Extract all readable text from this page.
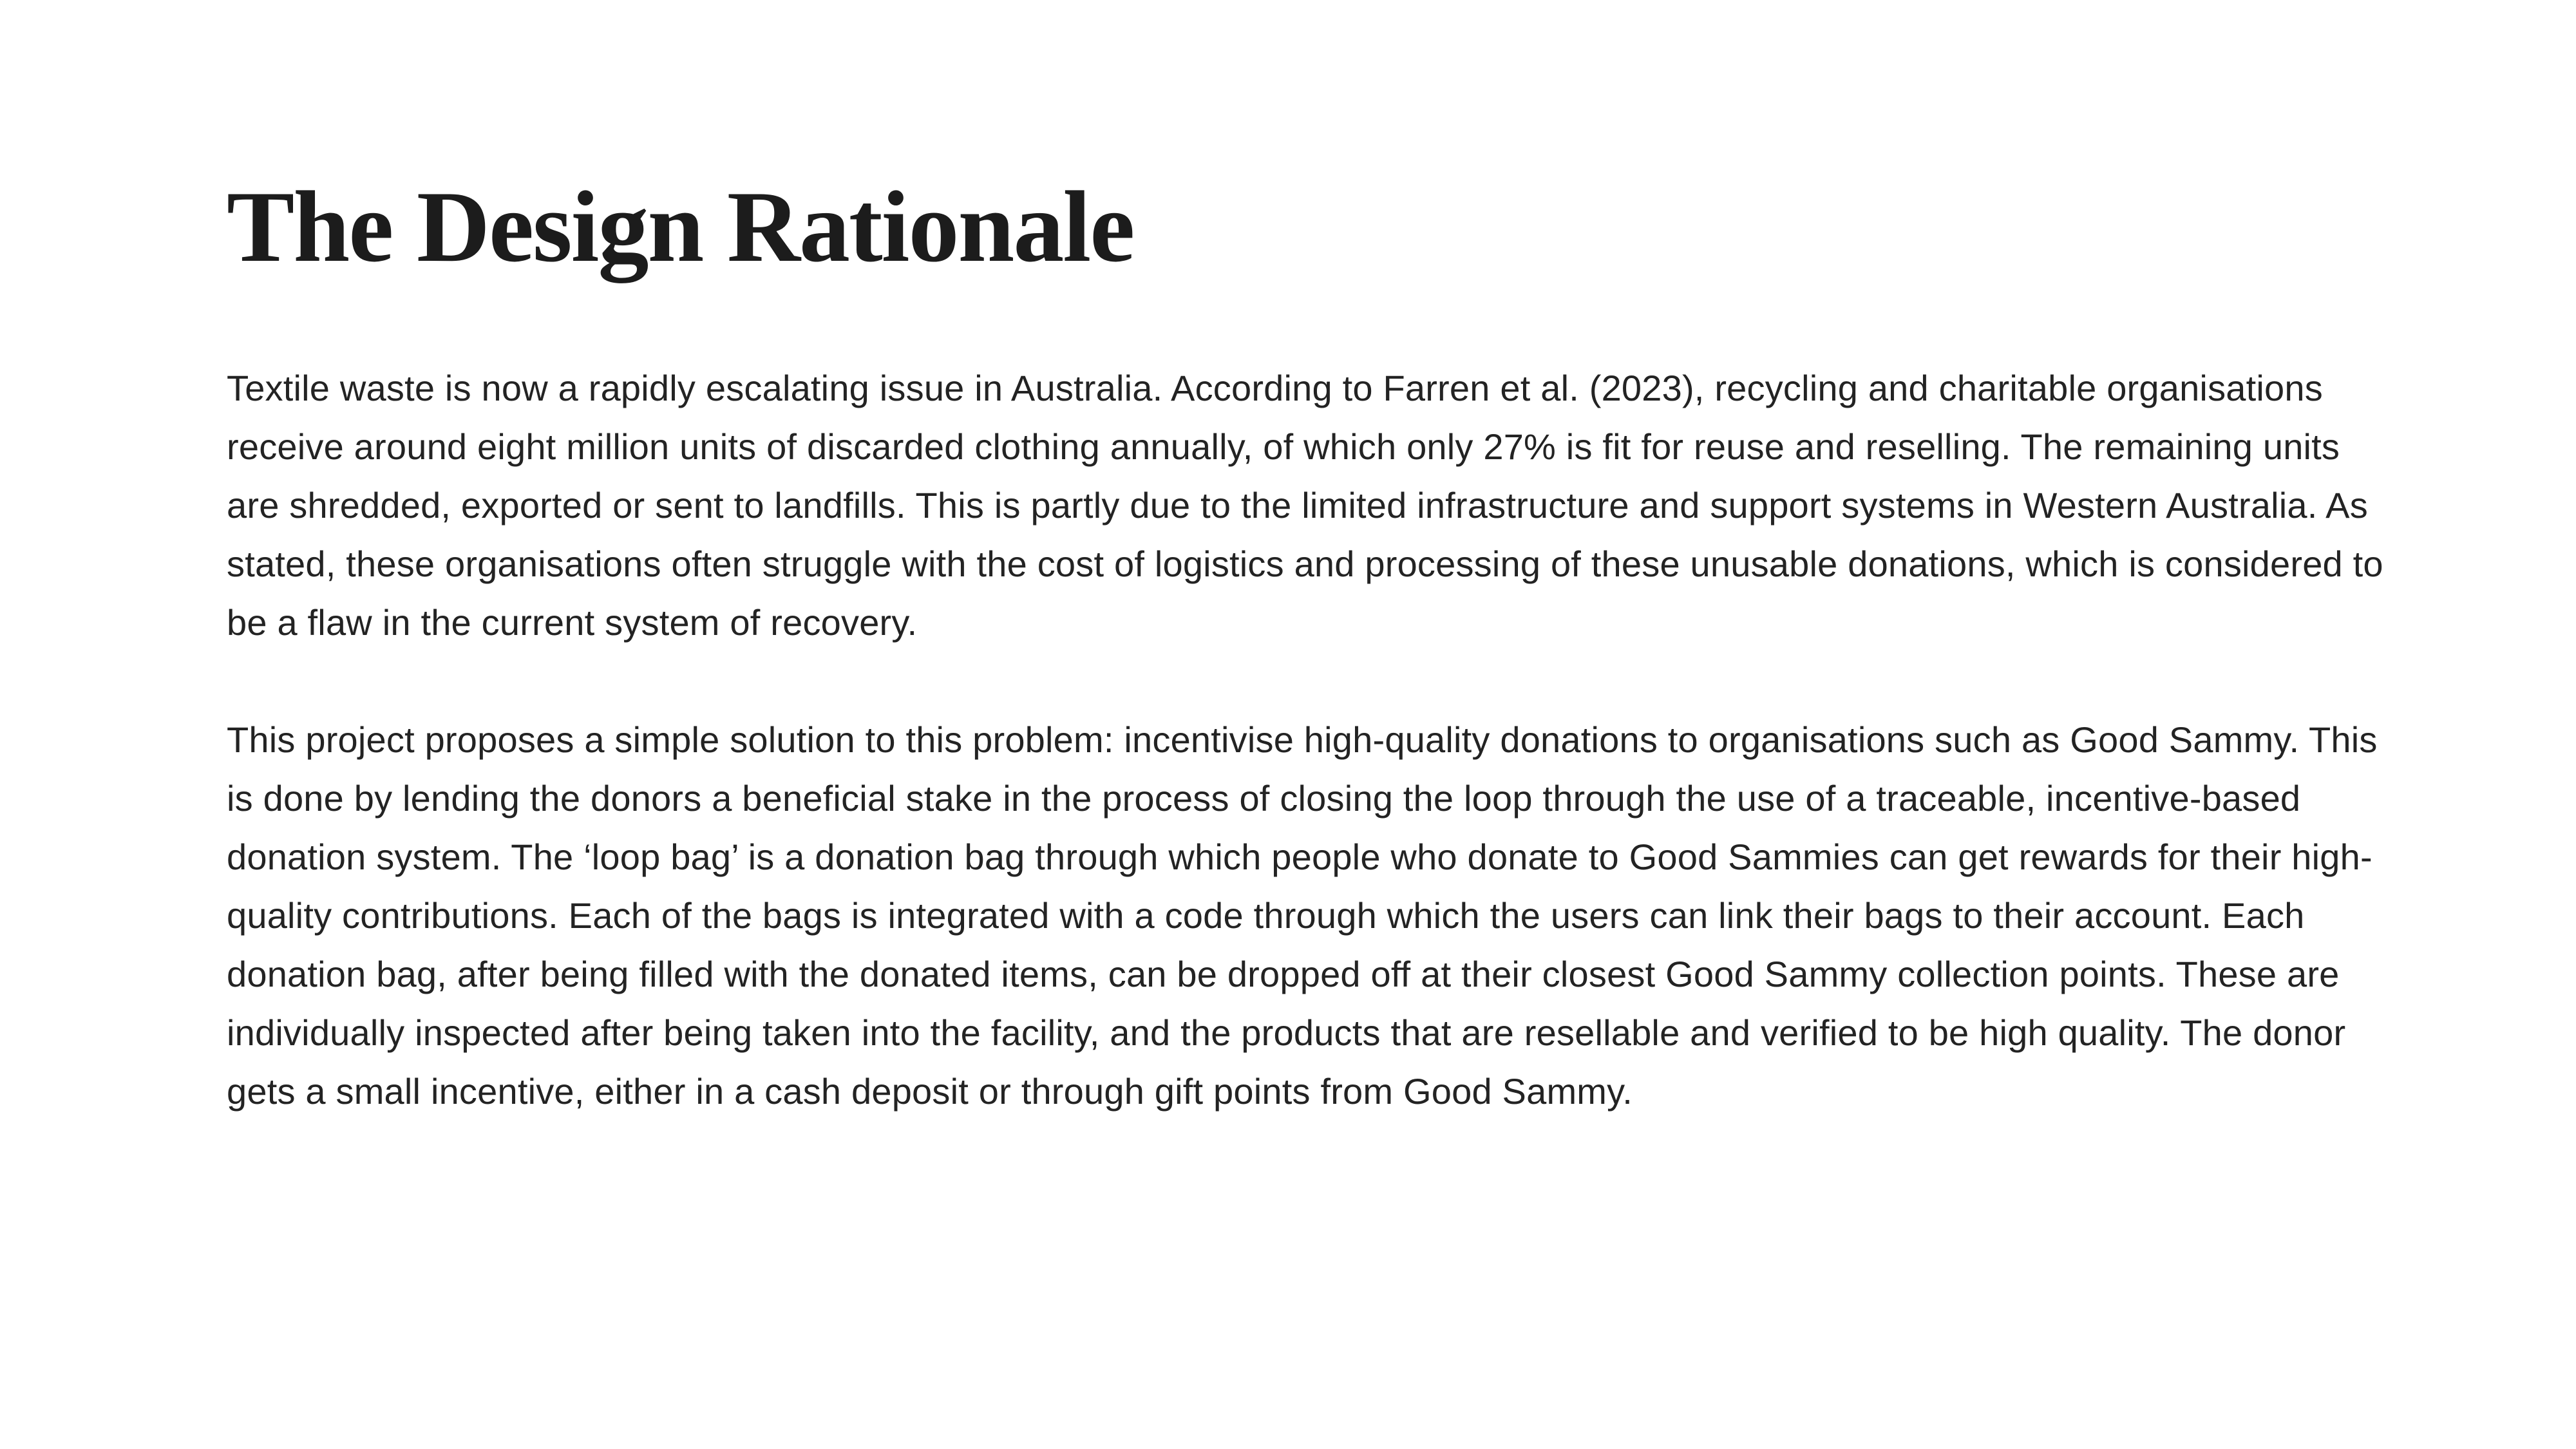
The Design Rationale

Textile waste is now a rapidly escalating issue in Australia. According to Farren et al. (2023), recycling and charitable organisations receive around eight million units of discarded clothing annually, of which only 27% is fit for reuse and reselling. The remaining units are shredded, exported or sent to landfills. This is partly due to the limited infrastructure and support systems in Western Australia. As stated, these organisations often struggle with the cost of logistics and processing of these unusable donations, which is considered to be a flaw in the current system of recovery.

This project proposes a simple solution to this problem: incentivise high-quality donations to organisations such as Good Sammy. This is done by lending the donors a beneficial stake in the process of closing the loop through the use of a traceable, incentive-based donation system. The ‘loop bag’ is a donation bag through which people who donate to Good Sammies can get rewards for their high-quality contributions. Each of the bags is integrated with a code through which the users can link their bags to their account. Each donation bag, after being filled with the donated items, can be dropped off at their closest Good Sammy collection points. These are individually inspected after being taken into the facility, and the products that are resellable and verified to be high quality. The donor gets a small incentive, either in a cash deposit or through gift points from Good Sammy.
